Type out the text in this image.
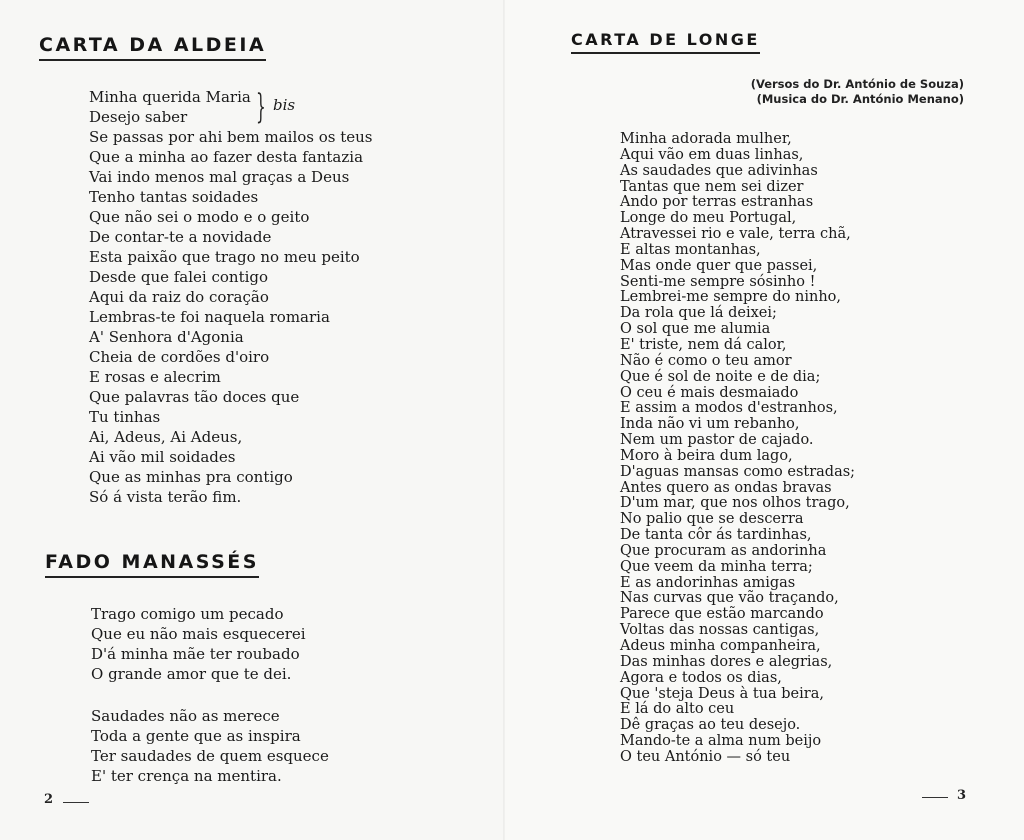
CARTA DA ALDEIA
Minha querida Maria
Desejo saber	} bis
Se passas por ahi bem mailos os teus
Que a minha ao fazer desta fantazia
Vai indo menos mal graças a Deus
Tenho tantas soidades
Que não sei o modo e o geito
De contar-te a novidade
Esta paixão que trago no meu peito
Desde que falei contigo
Aqui da raiz do coração
Lembras-te foi naquela romaria
A' Senhora d'Agonia
Cheia de cordões d'oiro
E rosas e alecrim
Que palavras tão doces que
Tu tinhas
Ai, Adeus, Ai Adeus,
Ai vão mil soidades
Que as minhas pra contigo
Só á vista terão fim.
FADO MANASSÉS
Trago comigo um pecado
Que eu não mais esquecerei
D'á minha mãe ter roubado
O grande amor que te dei.
Saudades não as merece
Toda a gente que as inspira
Ter saudades de quem esquece
E' ter crença na mentira.
2
CARTA DE LONGE
(Versos do Dr. António de Souza)
(Musica do Dr. António Menano)
Minha adorada mulher,
Aqui vão em duas linhas,
As saudades que adivinhas
Tantas que nem sei dizer
Ando por terras estranhas
Longe do meu Portugal,
Atravessei rio e vale, terra chã,
E altas montanhas,
Mas onde quer que passei,
Senti-me sempre sósinho !
Lembrei-me sempre do ninho,
Da rola que lá deixei;
O sol que me alumia
E' triste, nem dá calor,
Não é como o teu amor
Que é sol de noite e de dia;
O ceu é mais desmaiado
E assim a modos d'estranhos,
Inda não vi um rebanho,
Nem um pastor de cajado.
Moro à beira dum lago,
D'aguas mansas como estradas;
Antes quero as ondas bravas
D'um mar, que nos olhos trago,
No palio que se descerra
De tanta côr ás tardinhas,
Que procuram as andorinha
Que veem da minha terra;
E as andorinhas amigas
Nas curvas que vão traçando,
Parece que estão marcando
Voltas das nossas cantigas,
Adeus minha companheira,
Das minhas dores e alegrias,
Agora e todos os dias,
Que 'steja Deus à tua beira,
E lá do alto ceu
Dê graças ao teu desejo.
Mando-te a alma num beijo
O teu António — só teu
3
